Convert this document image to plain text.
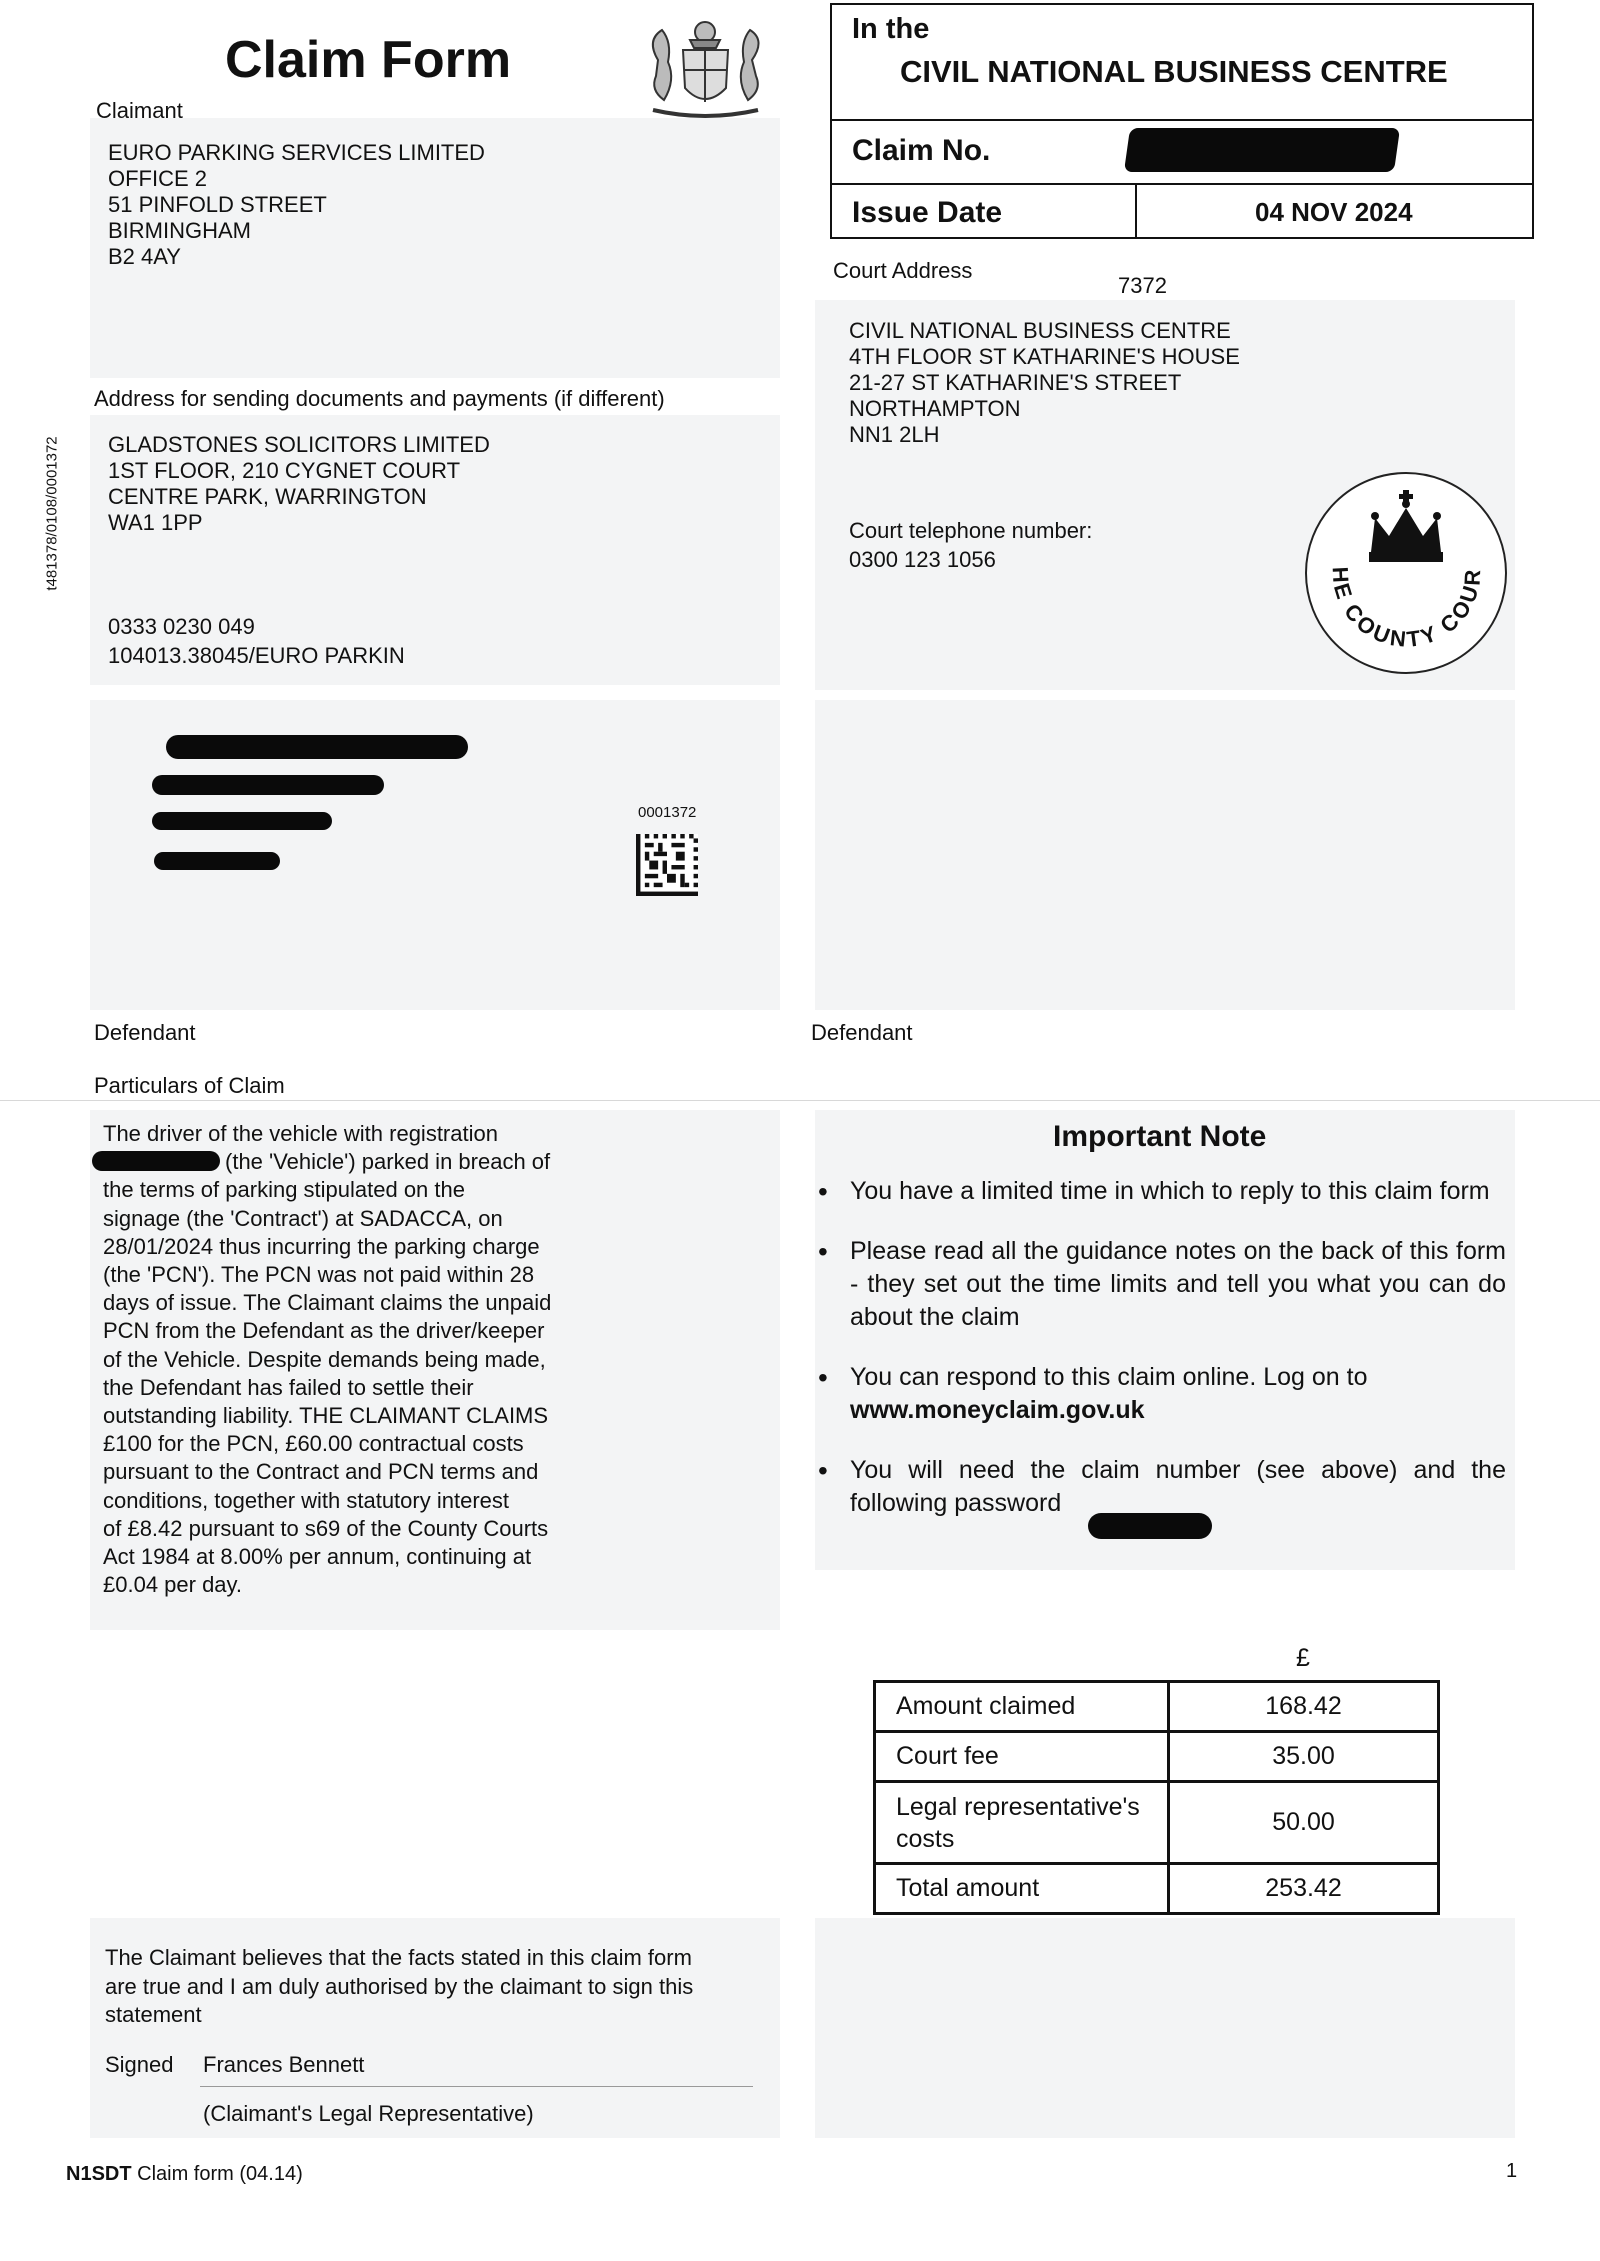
t481378/0108/0001372
Claim Form
In the
CIVIL NATIONAL BUSINESS CENTRE
Claim No.
Issue Date	04 NOV 2024
Claimant
EURO PARKING SERVICES LIMITED
OFFICE 2
51 PINFOLD STREET
BIRMINGHAM
B2 4AY
Court Address
7372
CIVIL NATIONAL BUSINESS CENTRE
4TH FLOOR ST KATHARINE'S HOUSE
21-27 ST KATHARINE'S STREET
NORTHAMPTON
NN1 2LH
Court telephone number:
0300 123 1056
HE COUNTY COUR
Address for sending documents and payments (if different)
GLADSTONES SOLICITORS LIMITED
1ST FLOOR, 210 CYGNET COURT
CENTRE PARK, WARRINGTON
WA1 1PP
0333 0230 049
104013.38045/EURO PARKIN
0001372
Defendant	Defendant
Particulars of Claim
The driver of the vehicle with registration
(the 'Vehicle') parked in breach of
the terms of parking stipulated on the
signage (the 'Contract') at SADACCA, on
28/01/2024 thus incurring the parking charge
(the 'PCN'). The PCN was not paid within 28
days of issue. The Claimant claims the unpaid
PCN from the Defendant as the driver/keeper
of the Vehicle. Despite demands being made,
the Defendant has failed to settle their
outstanding liability. THE CLAIMANT CLAIMS
£100 for the PCN, £60.00 contractual costs
pursuant to the Contract and PCN terms and
conditions, together with statutory interest
of £8.42 pursuant to s69 of the County Courts
Act 1984 at 8.00% per annum, continuing at
£0.04 per day.
Important Note
• You have a limited time in which to reply to this claim form
• Please read all the guidance notes on the back of this form - they set out the time limits and tell you what you can do about the claim
• You can respond to this claim online. Log on to
www.moneyclaim.gov.uk
• You will need the claim number (see above) and the following password
£
Amount claimed	168.42
Court fee	35.00
Legal representative's
costs	50.00
Total amount	253.42
The Claimant believes that the facts stated in this claim form
are true and I am duly authorised by the claimant to sign this
statement
Signed Frances Bennett
(Claimant's Legal Representative)
N1SDT Claim form (04.14)	1
